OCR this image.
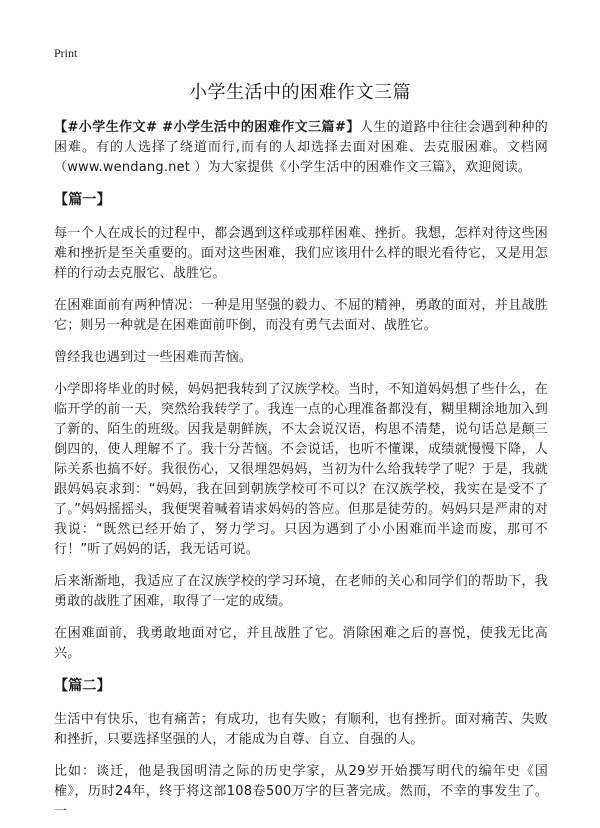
Print
小学生活中的困难作文三篇

【#小学生作文# #小学生活中的困难作文三篇#】人生的道路中往往会遇到种种的困难。有的人选择了绕道而行,而有的人却选择去面对困难、去克服困难。文档网（www.wendang.net ）为大家提供《小学生活中的困难作文三篇》，欢迎阅读。

【篇一】

每一个人在成长的过程中，都会遇到这样或那样困难、挫折。我想，怎样对待这些困难和挫折是至关重要的。面对这些困难，我们应该用什么样的眼光看待它，又是用怎样的行动去克服它、战胜它。

在困难面前有两种情况：一种是用坚强的毅力、不屈的精神，勇敢的面对，并且战胜它；则另一种就是在困难面前吓倒，而没有勇气去面对、战胜它。

曾经我也遇到过一些困难而苦恼。

小学即将毕业的时候，妈妈把我转到了汉族学校。当时，不知道妈妈想了些什么，在临开学的前一天，突然给我转学了。我连一点的心理准备都没有，糊里糊涂地加入到了新的、陌生的班级。因我是朝鲜族，不太会说汉语，构思不清楚，说句话总是颠三倒四的，使人理解不了。我十分苦恼。不会说话，也听不懂课，成绩就慢慢下降，人际关系也搞不好。我很伤心，又很埋怨妈妈，当初为什么给我转学了呢？于是，我就跟妈妈哀求到：“妈妈，我在回到朝族学校可不可以？在汉族学校，我实在是受不了了。”妈妈摇摇头，我便哭着喊着请求妈妈的答应。但那是徒劳的。妈妈只是严肃的对我说：“既然已经开始了，努力学习。只因为遇到了小小困难而半途而废，那可不行！”听了妈妈的话，我无话可说。

后来渐渐地，我适应了在汉族学校的学习环境，在老师的关心和同学们的帮助下，我勇敢的战胜了困难，取得了一定的成绩。

在困难面前，我勇敢地面对它，并且战胜了它。消除困难之后的喜悦，使我无比高兴。

【篇二】

生活中有快乐，也有痛苦；有成功，也有失败；有顺利，也有挫折。面对痛苦、失败和挫折，只要选择坚强的人，才能成为自尊、自立、自强的人。

比如：谈迁，他是我国明清之际的历史学家，从29岁开始撰写明代的编年史《国榷》，历时24年，终于将这部108卷500万字的巨著完成。然而，不幸的事发生了。一
